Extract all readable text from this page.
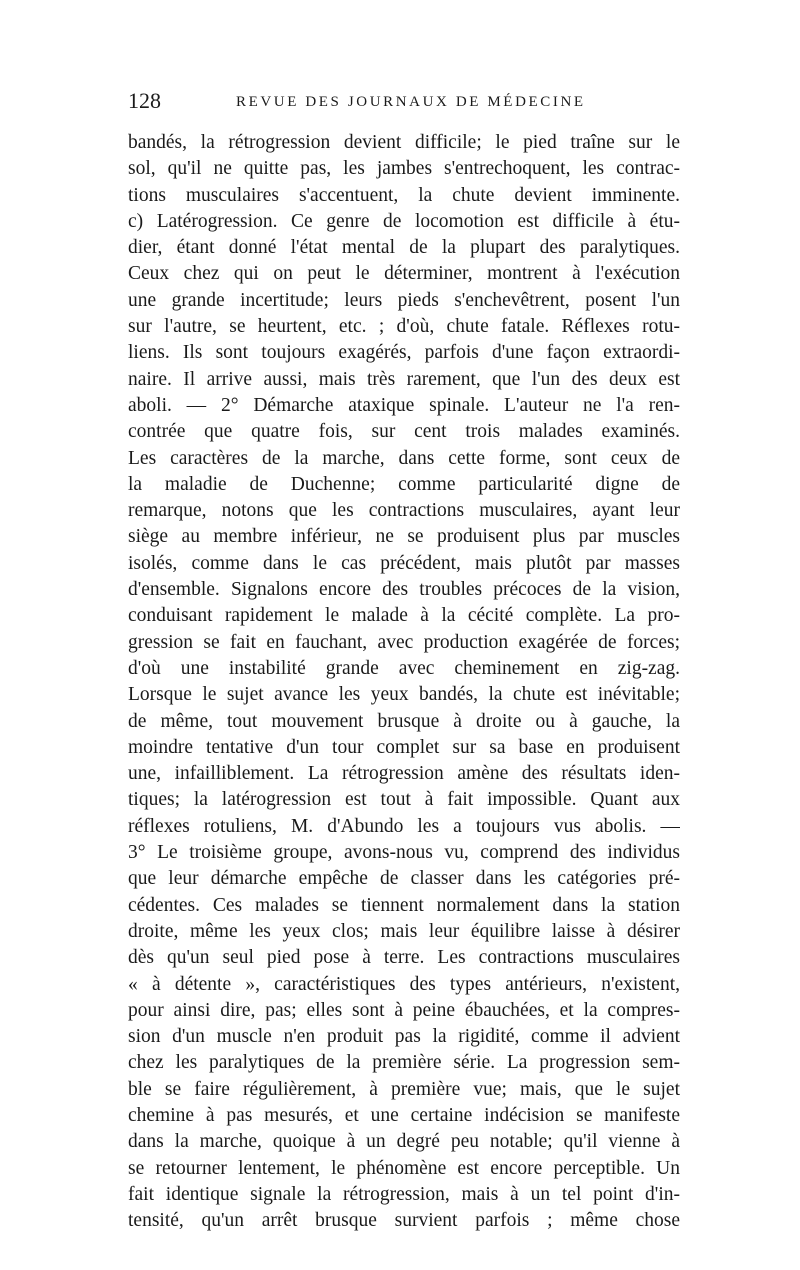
128	REVUE DES JOURNAUX DE MÉDECINE
bandés, la rétrogression devient difficile; le pied traîne sur le
sol, qu'il ne quitte pas, les jambes s'entrechoquent, les contrac-
tions musculaires s'accentuent, la chute devient imminente.
c) Latérogression. Ce genre de locomotion est difficile à étu-
dier, étant donné l'état mental de la plupart des paralytiques.
Ceux chez qui on peut le déterminer, montrent à l'exécution
une grande incertitude; leurs pieds s'enchevêtrent, posent l'un
sur l'autre, se heurtent, etc. ; d'où, chute fatale. Réflexes rotu-
liens. Ils sont toujours exagérés, parfois d'une façon extraordi-
naire. Il arrive aussi, mais très rarement, que l'un des deux est
aboli. — 2° Démarche ataxique spinale. L'auteur ne l'a ren-
contrée que quatre fois, sur cent trois malades examinés.
Les caractères de la marche, dans cette forme, sont ceux de
la maladie de Duchenne; comme particularité digne de
remarque, notons que les contractions musculaires, ayant leur
siège au membre inférieur, ne se produisent plus par muscles
isolés, comme dans le cas précédent, mais plutôt par masses
d'ensemble. Signalons encore des troubles précoces de la vision,
conduisant rapidement le malade à la cécité complète. La pro-
gression se fait en fauchant, avec production exagérée de forces;
d'où une instabilité grande avec cheminement en zig-zag.
Lorsque le sujet avance les yeux bandés, la chute est inévitable;
de même, tout mouvement brusque à droite ou à gauche, la
moindre tentative d'un tour complet sur sa base en produisent
une, infailliblement. La rétrogression amène des résultats iden-
tiques; la latérogression est tout à fait impossible. Quant aux
réflexes rotuliens, M. d'Abundo les a toujours vus abolis. —
3° Le troisième groupe, avons-nous vu, comprend des individus
que leur démarche empêche de classer dans les catégories pré-
cédentes. Ces malades se tiennent normalement dans la station
droite, même les yeux clos; mais leur équilibre laisse à désirer
dès qu'un seul pied pose à terre. Les contractions musculaires
« à détente », caractéristiques des types antérieurs, n'existent,
pour ainsi dire, pas; elles sont à peine ébauchées, et la compres-
sion d'un muscle n'en produit pas la rigidité, comme il advient
chez les paralytiques de la première série. La progression sem-
ble se faire régulièrement, à première vue; mais, que le sujet
chemine à pas mesurés, et une certaine indécision se manifeste
dans la marche, quoique à un degré peu notable; qu'il vienne à
se retourner lentement, le phénomène est encore perceptible. Un
fait identique signale la rétrogression, mais à un tel point d'in-
tensité, qu'un arrêt brusque survient parfois ; même chose
